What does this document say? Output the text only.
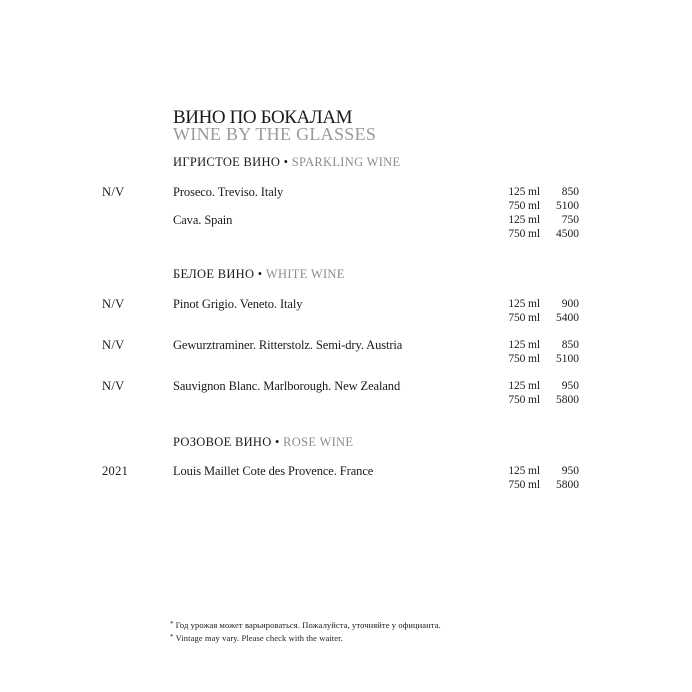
ВИНО ПО БОКАЛАМ
WINE BY THE GLASSES
ИГРИСТОЕ ВИНО • SPARKLING WINE
N/V	Proseco. Treviso. Italy	125 ml	850
750 ml	5100
Cava. Spain	125 ml	750
750 ml	4500
БЕЛОЕ ВИНО • WHITE WINE
N/V	Pinot Grigio. Veneto. Italy	125 ml	900
750 ml	5400
N/V	Gewurztraminer. Ritterstolz. Semi-dry. Austria	125 ml	850
750 ml	5100
N/V	Sauvignon Blanc. Marlborough. New Zealand	125 ml	950
750 ml	5800
РОЗОВОЕ ВИНО • ROSE WINE
2021	Louis Maillet Cote des Provence. France	125 ml	950
750 ml	5800
* Год урожая может варьироваться. Пожалуйста, уточняйте у официанта.
* Vintage may vary. Please check with the waiter.
